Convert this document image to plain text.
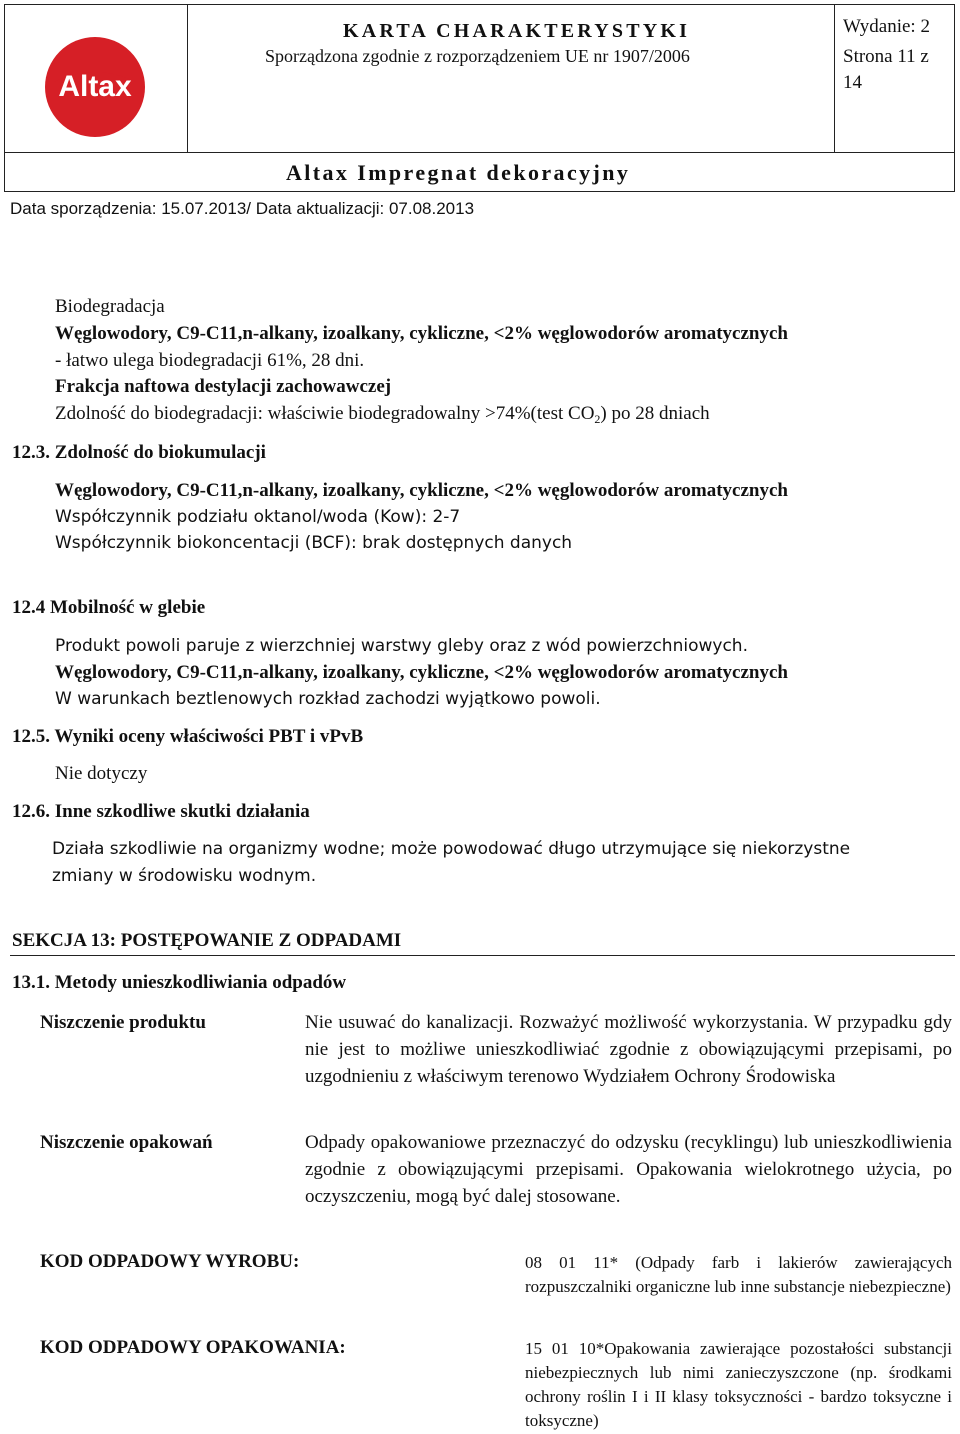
Altax
KARTA CHARAKTERYSTYKI
Sporządzona zgodnie z rozporządzeniem UE nr 1907/2006
Wydanie: 2
Strona 11 z
14
Altax Impregnat dekoracyjny
Data sporządzenia: 15.07.2013/ Data aktualizacji: 07.08.2013
Biodegradacja
Węglowodory, C9-C11,n-alkany, izoalkany, cykliczne, <2% węglowodorów aromatycznych
- łatwo ulega biodegradacji 61%, 28 dni.
Frakcja naftowa destylacji zachowawczej
Zdolność do biodegradacji: właściwie biodegradowalny >74%(test $CO_2$) po 28 dniach
12.3. Zdolność do biokumulacji
Węglowodory, C9-C11,n-alkany, izoalkany, cykliczne, <2% węglowodorów aromatycznych
Współczynnik podziału oktanol/woda (Kow): 2-7
Współczynnik biokoncentacji (BCF): brak dostępnych danych
12.4 Mobilność w glebie
Produkt powoli paruje z wierzchniej warstwy gleby oraz z wód powierzchniowych.
Węglowodory, C9-C11,n-alkany, izoalkany, cykliczne, <2% węglowodorów aromatycznych
W warunkach beztlenowych rozkład zachodzi wyjątkowo powoli.
12.5. Wyniki oceny właściwości PBT i vPvB
Nie dotyczy
12.6. Inne szkodliwe skutki działania
Działa szkodliwie na organizmy wodne; może powodować długo utrzymujące się niekorzystne
zmiany w środowisku wodnym.
SEKCJA 13: POSTĘPOWANIE Z ODPADAMI
13.1. Metody unieszkodliwiania odpadów
Niszczenie produktu	Nie usuwać do kanalizacji. Rozważyć możliwość wykorzystania. W przypadku gdy nie jest to możliwe unieszkodliwiać zgodnie z obowiązującymi przepisami, po uzgodnieniu z właściwym terenowo Wydziałem Ochrony Środowiska
Niszczenie opakowań	Odpady opakowaniowe przeznaczyć do odzysku (recyklingu) lub unieszkodliwienia zgodnie z obowiązującymi przepisami. Opakowania wielokrotnego użycia, po oczyszczeniu, mogą być dalej stosowane.
KOD ODPADOWY WYROBU:	08 01 11* (Odpady farb i lakierów zawierających rozpuszczalniki organiczne lub inne substancje niebezpieczne)
KOD ODPADOWY OPAKOWANIA:	15 01 10*Opakowania zawierające pozostałości substancji niebezpiecznych lub nimi zanieczyszczone (np. środkami ochrony roślin I i II klasy toksyczności - bardzo toksyczne i toksyczne)
